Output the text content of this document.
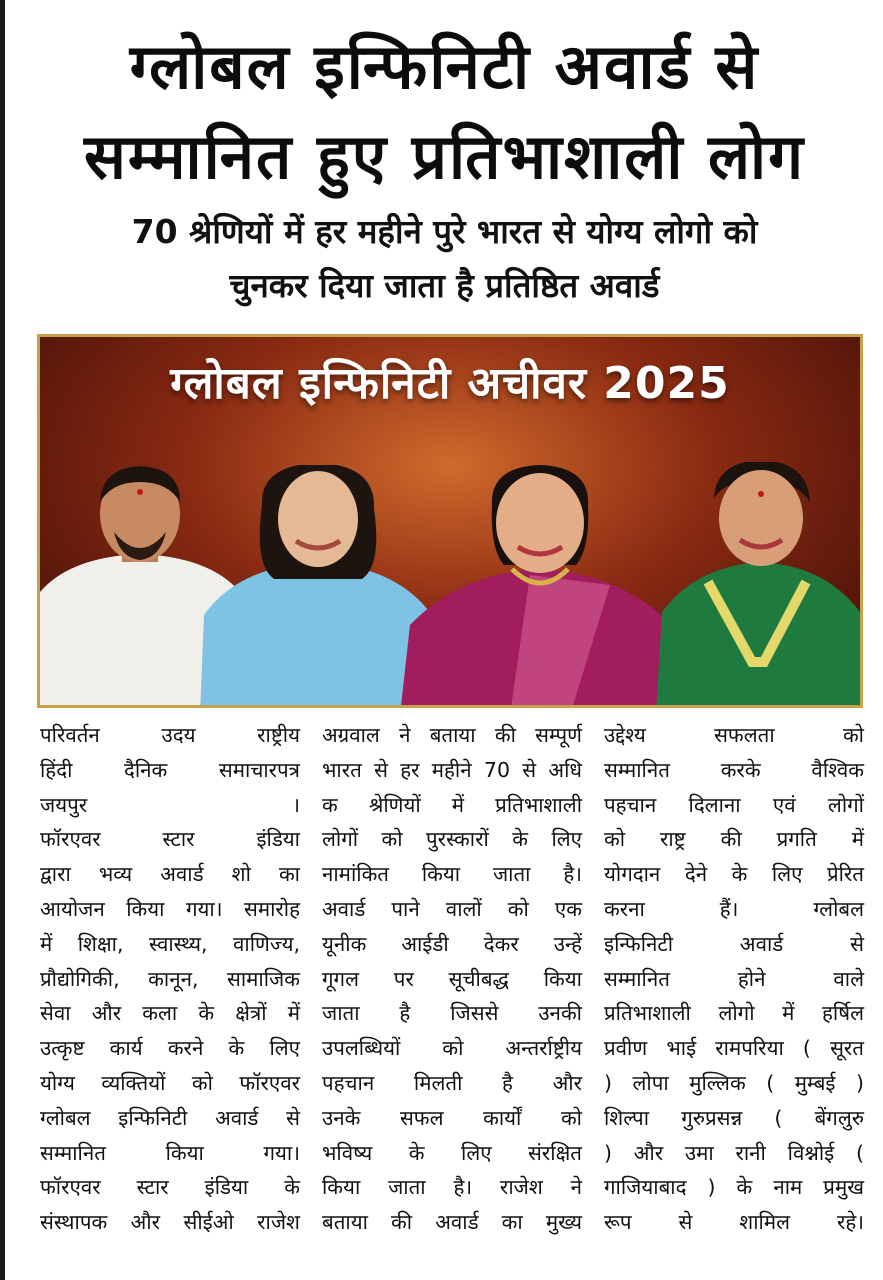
ग्लोबल इन्फिनिटी अवार्ड से
सम्मानित हुए प्रतिभाशाली लोग
70 श्रेणियों में हर महीने पुरे भारत से योग्य लोगो को
चुनकर दिया जाता है प्रतिष्ठित अवार्ड
ग्लोबल इन्फिनिटी अचीवर 2025
परिवर्तन उदय राष्ट्रीय
हिंदी दैनिक समाचारपत्र
जयपुर ।
फॉरएवर स्टार इंडिया
द्वारा भव्य अवार्ड शो का
आयोजन किया गया। समारोह
में शिक्षा, स्वास्थ्य, वाणिज्य,
प्रौद्योगिकी, कानून, सामाजिक
सेवा और कला के क्षेत्रों में
उत्कृष्ट कार्य करने के लिए
योग्य व्यक्तियों को फॉरएवर
ग्लोबल इन्फिनिटी अवार्ड से
सम्मानित किया गया।
फॉरएवर स्टार इंडिया के
संस्थापक और सीईओ राजेश
अग्रवाल ने बताया की सम्पूर्ण
भारत से हर महीने 70 से अधि
क श्रेणियों में प्रतिभाशाली
लोगों को पुरस्कारों के लिए
नामांकित किया जाता है।
अवार्ड पाने वालों को एक
यूनीक आईडी देकर उन्हें
गूगल पर सूचीबद्ध किया
जाता है जिससे उनकी
उपलब्धियों को अन्तर्राष्ट्रीय
पहचान मिलती है और
उनके सफल कार्यों को
भविष्य के लिए संरक्षित
किया जाता है। राजेश ने
बताया की अवार्ड का मुख्य
उद्देश्य सफलता को
सम्मानित करके वैश्विक
पहचान दिलाना एवं लोगों
को राष्ट्र की प्रगति में
योगदान देने के लिए प्रेरित
करना हैं। ग्लोबल
इन्फिनिटी अवार्ड से
सम्मानित होने वाले
प्रतिभाशाली लोगो में हर्षिल
प्रवीण भाई रामपरिया ( सूरत
) लोपा मुल्लिक ( मुम्बई )
शिल्पा गुरुप्रसन्न ( बेंगलुरु
) और उमा रानी विश्नोई (
गाजियाबाद ) के नाम प्रमुख
रूप से शामिल रहे।
